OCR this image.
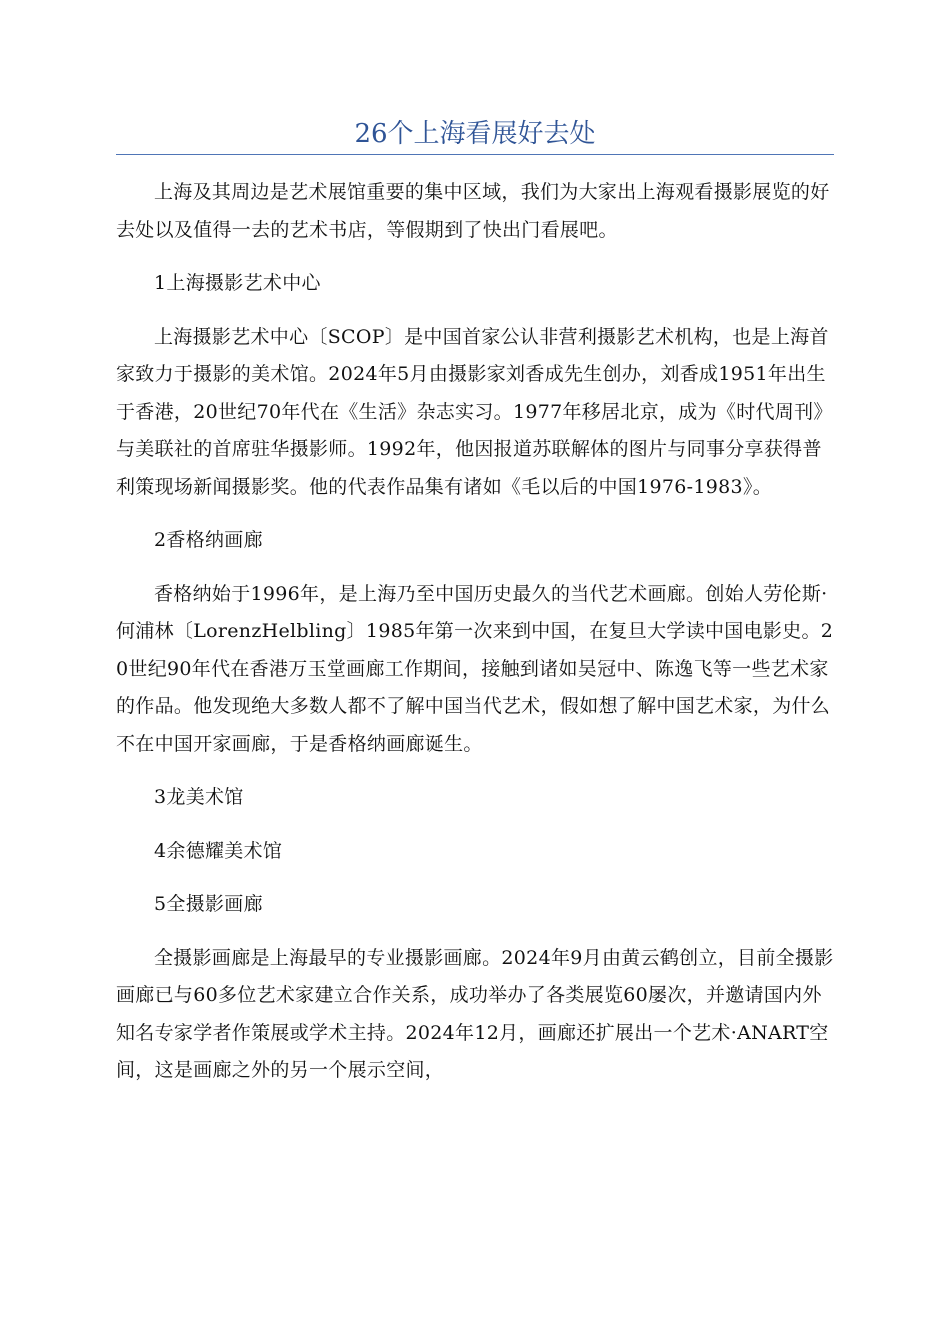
26个上海看展好去处

上海及其周边是艺术展馆重要的集中区域，我们为大家出上海观看摄影展览的好去处以及值得一去的艺术书店，等假期到了快出门看展吧。

1上海摄影艺术中心

上海摄影艺术中心〔SCOP〕是中国首家公认非营利摄影艺术机构，也是上海首家致力于摄影的美术馆。2024年5月由摄影家刘香成先生创办，刘香成1951年出生于香港，20世纪70年代在《生活》杂志实习。1977年移居北京，成为《时代周刊》与美联社的首席驻华摄影师。1992年，他因报道苏联解体的图片与同事分享获得普利策现场新闻摄影奖。他的代表作品集有诸如《毛以后的中国1976-1983》。

2香格纳画廊

香格纳始于1996年，是上海乃至中国历史最久的当代艺术画廊。创始人劳伦斯·何浦林〔LorenzHelbling〕1985年第一次来到中国，在复旦大学读中国电影史。20世纪90年代在香港万玉堂画廊工作期间，接触到诸如吴冠中、陈逸飞等一些艺术家的作品。他发现绝大多数人都不了解中国当代艺术，假如想了解中国艺术家，为什么不在中国开家画廊，于是香格纳画廊诞生。

3龙美术馆

4余德耀美术馆

5全摄影画廊

全摄影画廊是上海最早的专业摄影画廊。2024年9月由黄云鹤创立，目前全摄影画廊已与60多位艺术家建立合作关系，成功举办了各类展览60屡次，并邀请国内外知名专家学者作策展或学术主持。2024年12月，画廊还扩展出一个艺术·ANART空间，这是画廊之外的另一个展示空间，
